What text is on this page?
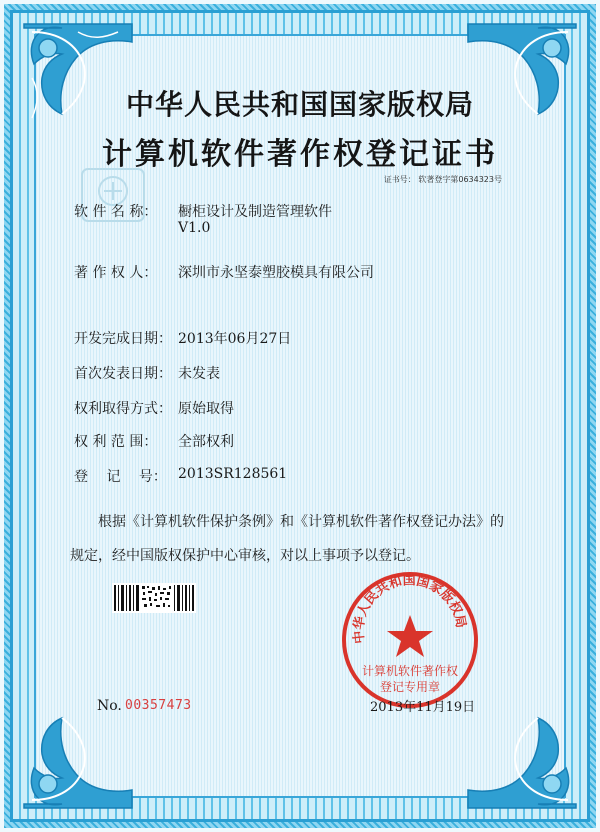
中华人民共和国国家版权局
计算机软件著作权登记证书
证书号： 软著登字第0634323号
软 件 名 称： 橱柜设计及制造管理软件
V1.0
著 作 权 人： 深圳市永坚泰塑胶模具有限公司
开发完成日期： 2013年06月27日
首次发表日期： 未发表
权利取得方式： 原始取得
权 利 范 围： 全部权利
登　 记　 号： 2013SR128561
根据《计算机软件保护条例》和《计算机软件著作权登记办法》的
规定，经中国版权保护中心审核，对以上事项予以登记。
中华人民共和国国家版权局
计算机软件著作权
登记专用章
No. 00357473	2013年11月19日
